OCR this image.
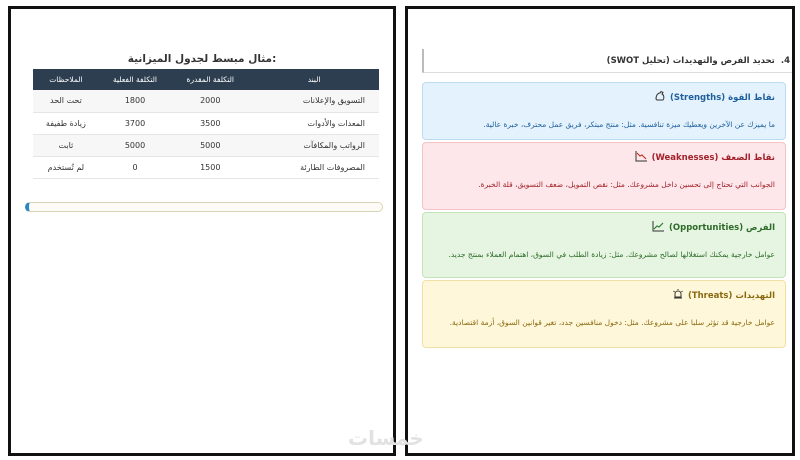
مثال مبسط لجدول الميزانية:
البند	التكلفة المقدرة	التكلفة الفعلية	الملاحظات
التسويق والإعلانات	2000	1800	تحت الحد
المعدات والأدوات	3500	3700	زيادة طفيفة
الرواتب والمكافآت	5000	5000	ثابت
المصروفات الطارئة	1500	0	لم تُستخدم
4. تحديد الفرص والتهديدات (تحليل SWOT)
نقاط القوة (Strengths)
ما يميزك عن الآخرين ويعطيك ميزة تنافسية. مثل: منتج مبتكر، فريق عمل محترف، خبرة عالية.
نقاط الضعف (Weaknesses)
الجوانب التي تحتاج إلى تحسين داخل مشروعك. مثل: نقص التمويل، ضعف التسويق، قلة الخبرة.
الفرص (Opportunities)
عوامل خارجية يمكنك استغلالها لصالح مشروعك. مثل: زيادة الطلب في السوق، اهتمام العملاء بمنتج جديد.
التهديدات (Threats)
عوامل خارجية قد تؤثر سلبا على مشروعك. مثل: دخول منافسين جدد، تغير قوانين السوق، أزمة اقتصادية.
خمسات
